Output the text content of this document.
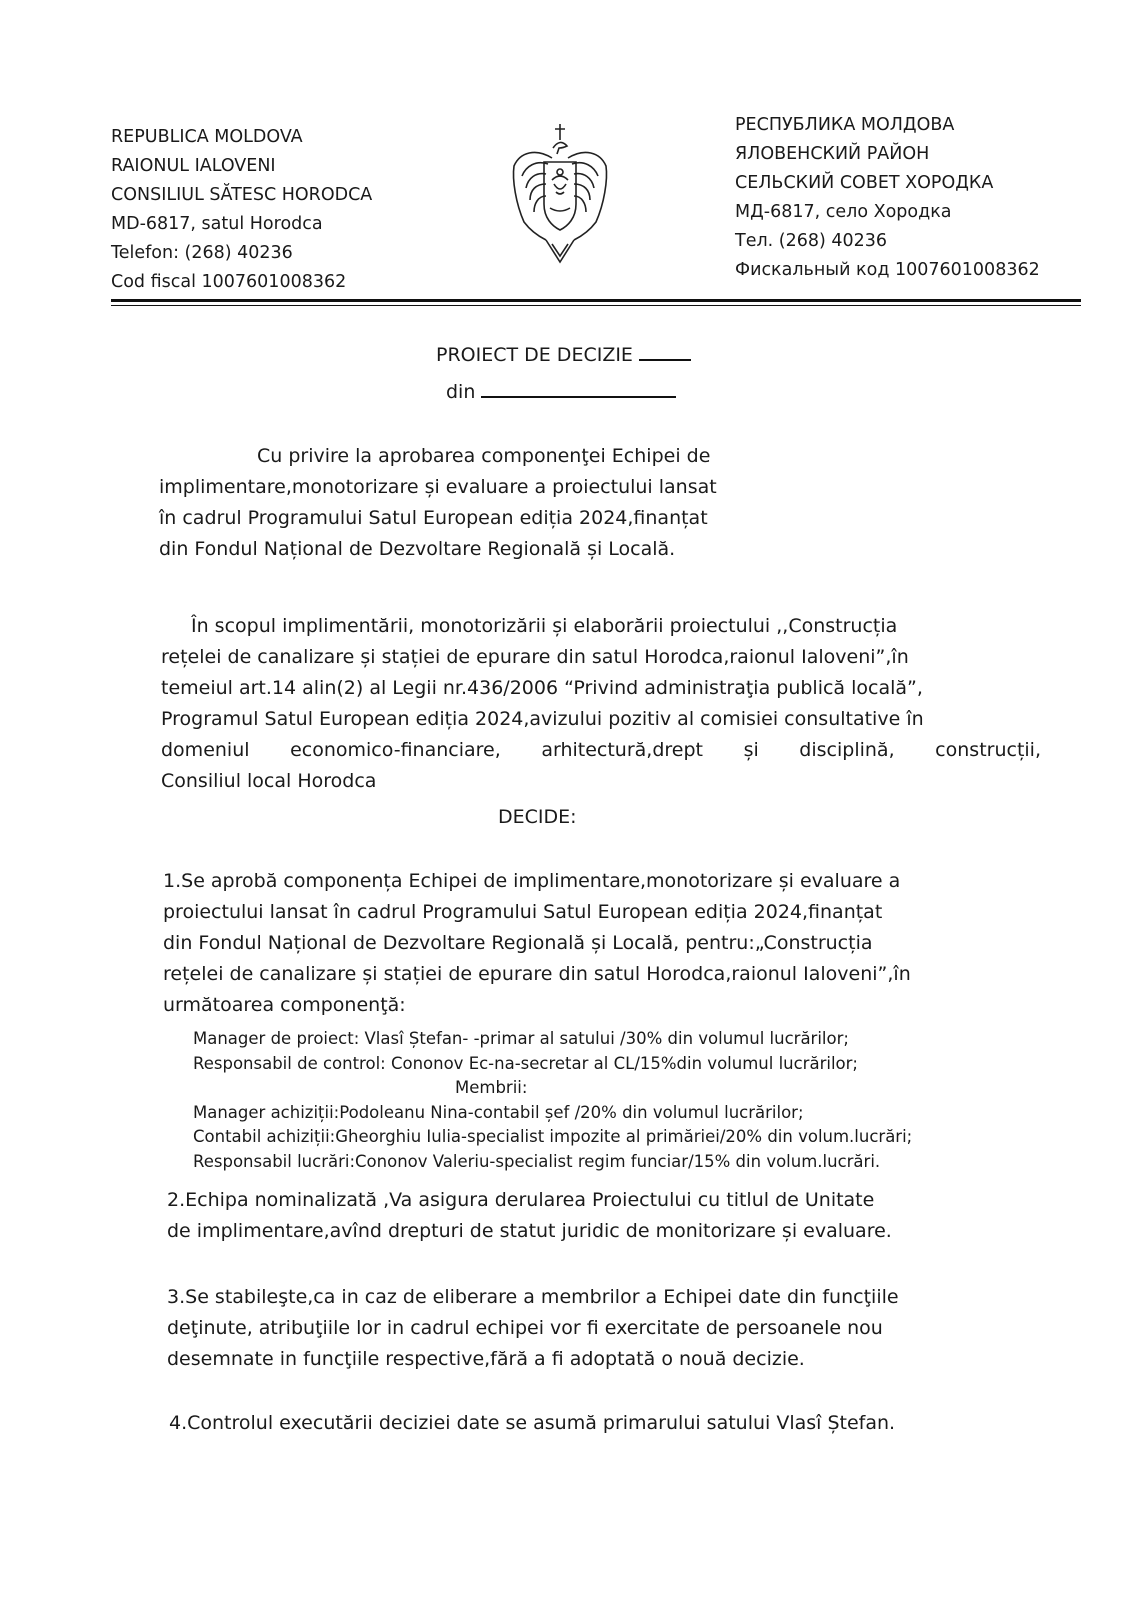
REPUBLICA MOLDOVA
RAIONUL IALOVENI
CONSILIUL SĂTESC HORODCA
MD-6817, satul Horodca
Telefon: (268) 40236
Cod fiscal 1007601008362
РЕСПУБЛИКА МОЛДОВА
ЯЛОВЕНСКИЙ РАЙОН
СЕЛЬСКИЙ СОВЕТ ХОРОДКА
МД-6817, село Хородка
Тел. (268) 40236
Фискальный код 1007601008362
PROIECT DE DECIZIE
din
Cu privire la aprobarea componenţei Echipei de
implimentare,monotorizare și evaluare a proiectului lansat
în cadrul Programului Satul European ediția 2024,finanțat
din Fondul Național de Dezvoltare Regională și Locală.
În scopul implimentării, monotorizării și elaborării proiectului ,,Construcția
rețelei de canalizare și stației de epurare din satul Horodca,raionul Ialoveni”,în
temeiul art.14 alin(2) al Legii nr.436/2006 “Privind administraţia publică locală”,
Programul Satul European ediția 2024,avizului pozitiv al comisiei consultative în
domeniul economico-financiare, arhitectură,drept și disciplină, construcții,
Consiliul local Horodca
DECIDE:
1.Se aprobă componența Echipei de implimentare,monotorizare și evaluare a
proiectului lansat în cadrul Programului Satul European ediția 2024,finanțat
din Fondul Național de Dezvoltare Regională și Locală, pentru:„Construcția
rețelei de canalizare și stației de epurare din satul Horodca,raionul Ialoveni”,în
următoarea componenţă:
Manager de proiect: Vlasî Ștefan- -primar al satului /30% din volumul lucrărilor;
Responsabil de control: Cononov Ec-na-secretar al CL/15%din volumul lucrărilor;
Membrii:
Manager achiziții:Podoleanu Nina-contabil șef /20% din volumul lucrărilor;
Contabil achiziții:Gheorghiu Iulia-specialist impozite al primăriei/20% din volum.lucrări;
Responsabil lucrări:Cononov Valeriu-specialist regim funciar/15% din volum.lucrări.
2.Echipa nominalizată ,Va asigura derularea Proiectului cu titlul de Unitate
de implimentare,avînd drepturi de statut juridic de monitorizare și evaluare.
3.Se stabileşte,ca in caz de eliberare a membrilor a Echipei date din funcţiile
deţinute, atribuţiile lor in cadrul echipei vor fi exercitate de persoanele nou
desemnate in funcţiile respective,fără a fi adoptată o nouă decizie.
4.Controlul executării deciziei date se asumă primarului satului Vlasî Ștefan.
